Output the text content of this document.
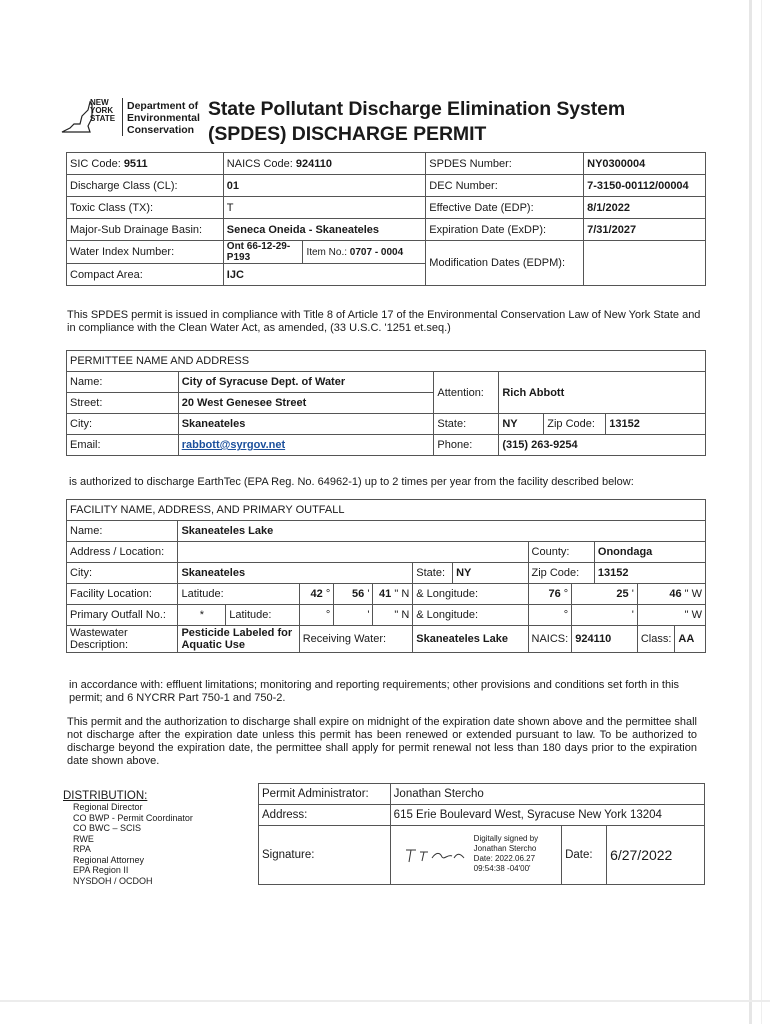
NEW
YORK
STATE
Department of
Environmental
Conservation
State Pollutant Discharge Elimination System
(SPDES) DISCHARGE PERMIT
SIC Code: 9511	NAICS Code: 924110		SPDES Number:	NY0300004
Discharge Class (CL):	01		DEC Number:	7-3150-00112/00004
Toxic Class (TX):	T		Effective Date (EDP):	8/1/2022
Major-Sub Drainage Basin:	Seneca Oneida - Skaneateles		Expiration Date (ExDP):	7/31/2027
Water Index Number:	Ont 66-12-29-P193	Item No.: 0707 - 0004	Modification Dates (EDPM):	
Compact Area:	IJC			
This SPDES permit is issued in compliance with Title 8 of Article 17 of the Environmental Conservation Law of New York State and in compliance with the Clean Water Act, as amended, (33 U.S.C. '1251 et.seq.)
PERMITTEE NAME AND ADDRESS					
Name:	City of Syracuse Dept. of Water	Attention:	Rich Abbott		
Street:	20 West Genesee Street				
City:	Skaneateles	State:	NY	Zip Code:	13152
Email:	rabbott@syrgov.net	Phone:	(315) 263-9254		
is authorized to discharge EarthTec (EPA Reg. No. 64962-1) up to 2 times per year from the facility described below:
FACILITY NAME, ADDRESS, AND PRIMARY OUTFALL												
Name:	Skaneateles Lake											
Address / Location:								County:		Onondaga		
City:	Skaneateles					State:	NY	Zip Code:		13152		
Facility Location:	Latitude:		42 °	56 '	41 " N	& Longitude:		76 °	25 '		46 " W	
Primary Outfall No.:	*	Latitude:	°	'	" N	& Longitude:		°	'		" W	
Wastewater Description:	Pesticide Labeled for Aquatic Use		Receiving Water:			Skaneateles Lake		NAICS:	924110		Class:	AA
in accordance with: effluent limitations; monitoring and reporting requirements; other provisions and conditions set forth in this permit; and 6 NYCRR Part 750-1 and 750-2.
This permit and the authorization to discharge shall expire on midnight of the expiration date shown above and the permittee shall not discharge after the expiration date unless this permit has been renewed or extended pursuant to law. To be authorized to discharge beyond the expiration date, the permittee shall apply for permit renewal not less than 180 days prior to the expiration date shown above.
DISTRIBUTION:
Regional Director
CO BWP - Permit Coordinator
CO BWC – SCIS
RWE
RPA
Regional Attorney
EPA Region II
NYSDOH / OCDOH
Permit Administrator:	Jonathan Stercho		
Address:	615 Erie Boulevard West, Syracuse New York 13204		
Signature:	Digitally signed by
Jonathan Stercho
Date: 2022.06.27
09:54:38 -04'00'	Date:	6/27/2022
